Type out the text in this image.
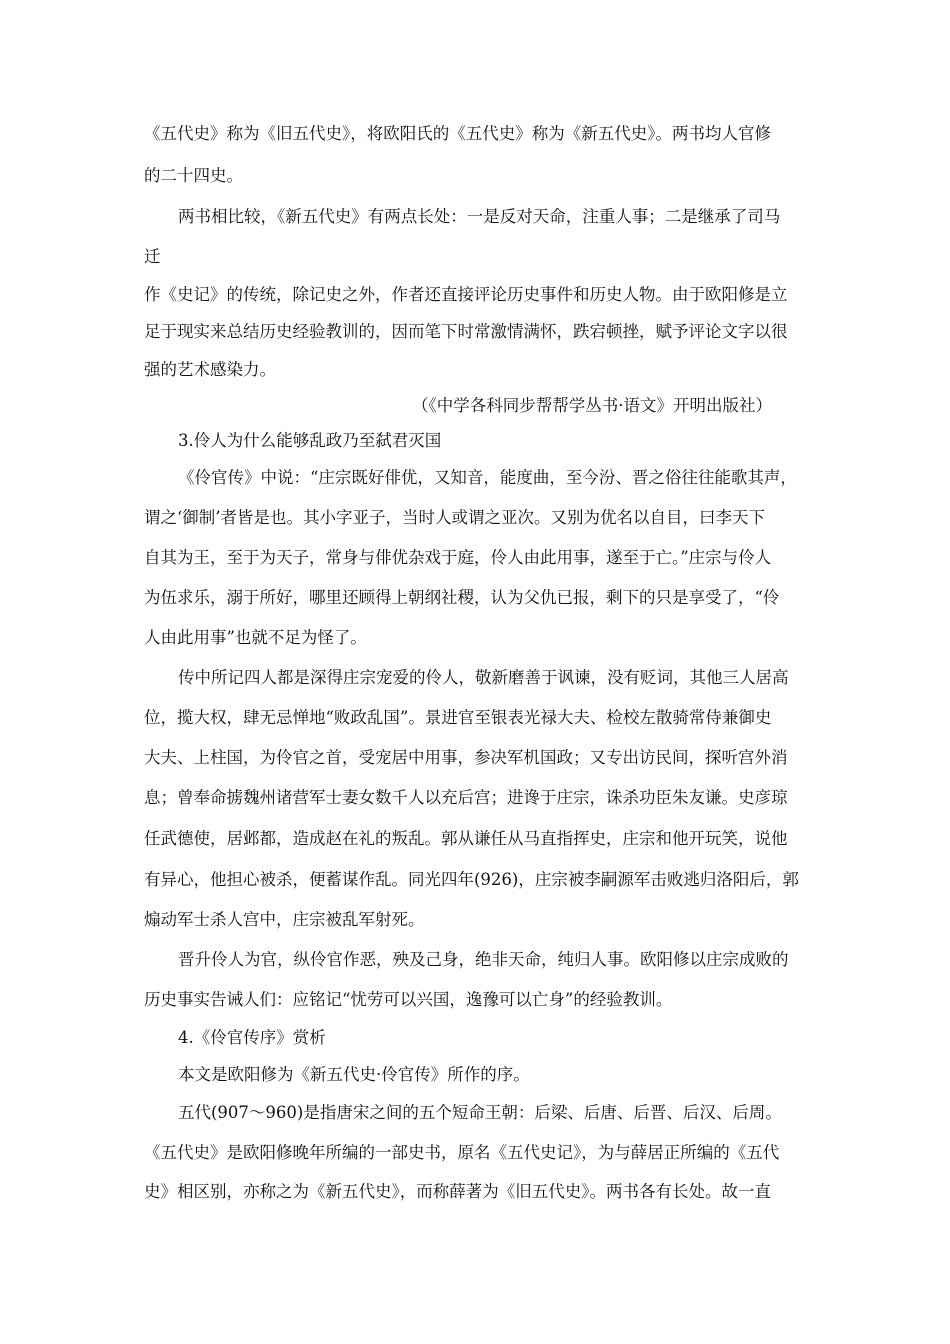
《五代史》称为《旧五代史》，将欧阳氏的《五代史》称为《新五代史》。两书均人官修
的二十四史。
两书相比较，《新五代史》有两点长处：一是反对天命，注重人事；二是继承了司马
迁
作《史记》的传统，除记史之外，作者还直接评论历史事件和历史人物。由于欧阳修是立
足于现实来总结历史经验教训的，因而笔下时常激情满怀，跌宕顿挫，赋予评论文字以很
强的艺术感染力。
（《中学各科同步帮帮学丛书·语文》开明出版社）
3.伶人为什么能够乱政乃至弑君灭国
《伶官传》中说：“庄宗既好俳优，又知音，能度曲，至今汾、晋之俗往往能歌其声，
谓之‘御制’者皆是也。其小字亚子，当时人或谓之亚次。又别为优名以自目，曰李天下
自其为王，至于为天子，常身与俳优杂戏于庭，伶人由此用事，遂至于亡。”庄宗与伶人
为伍求乐，溺于所好，哪里还顾得上朝纲社稷，认为父仇已报，剩下的只是享受了，“伶
人由此用事”也就不足为怪了。
传中所记四人都是深得庄宗宠爱的伶人，敬新磨善于讽谏，没有贬词，其他三人居高
位，揽大权，肆无忌惮地“败政乱国”。景进官至银表光禄大夫、检校左散骑常侍兼御史
大夫、上柱国，为伶官之首，受宠居中用事，参决军机国政；又专出访民间，探听宫外消
息；曾奉命掳魏州诸营军士妻女数千人以充后宫；进谗于庄宗，诛杀功臣朱友谦。史彦琼
任武德使，居邺都，造成赵在礼的叛乱。郭从谦任从马直指挥史，庄宗和他开玩笑，说他
有异心，他担心被杀，便蓄谋作乱。同光四年(926)，庄宗被李嗣源军击败逃归洛阳后，郭
煽动军士杀人宫中，庄宗被乱军射死。
晋升伶人为官，纵伶官作恶，殃及己身，绝非天命，纯归人事。欧阳修以庄宗成败的
历史事实告诫人们：应铭记“忧劳可以兴国，逸豫可以亡身”的经验教训。
4.《伶官传序》赏析
本文是欧阳修为《新五代史·伶官传》所作的序。
五代(907～960)是指唐宋之间的五个短命王朝：后梁、后唐、后晋、后汉、后周。
《五代史》是欧阳修晚年所编的一部史书，原名《五代史记》，为与薛居正所编的《五代
史》相区别，亦称之为《新五代史》，而称薛著为《旧五代史》。两书各有长处。故一直
